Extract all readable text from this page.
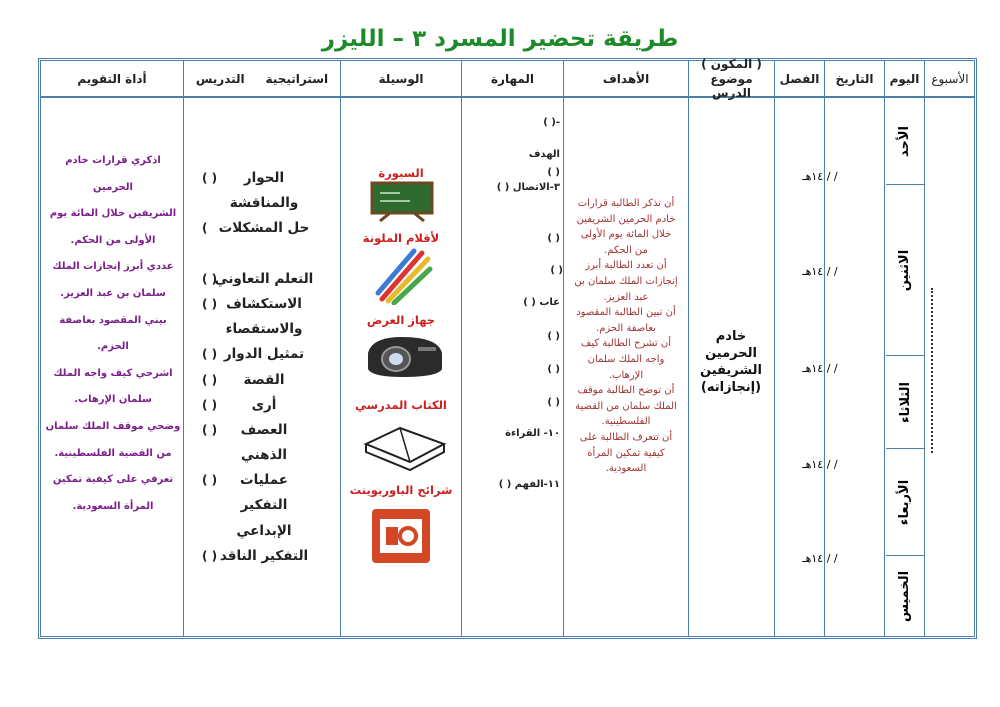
طريقة تحضير المسرد ٣ – الليزر
الأسبوع
اليوم
التاريخ
الفصل
( المكون )
موضوع الدرس
الأهداف
المهارة
الوسيلة
استراتيجية     التدريس
أداة التقويم
الأحد
الاثنين
الثلاثاء
الأربعاء
الخميس
/ / ١٤هـ
/ / ١٤هـ
/ / ١٤هـ
/ / ١٤هـ
/ / ١٤هـ
خادم
الحرمين
الشريفين
(إنجازاته)
أن تذكر الطالبة قرارات
خادم الحرمين الشريفين
خلال المائة يوم الأولى
من الحكم.
أن تعدد الطالبة أبرز
إنجازات الملك سلمان بن
عبد العزيز.
أن تبين الطالبة المقصود
بعاصفة الحزم.
أن تشرح الطالبة كيف
واجه الملك سلمان
الإرهاب.
أن توضح الطالبة موقف
الملك سلمان من القضية
الفلسطينية.
أن تتعرف الطالبة على
كيفية تمكين المرأة
السعودية.
-( )
الهدف
( )
٣-الاتصال ( )
( )
( )
عاب ( )
( )
( )
( )
١٠- القراءة
١١-الفهم ( )
السبورة
لأقلام الملونة
جهاز العرض
الكتاب المدرسي
شرائح الباوربوينت
الحوار
( )
والمناقشة
حل المشكلات
(
التعلم التعاوني
( )
الاستكشاف
( )
والاستقصاء
تمثيل الدوار
( )
القصة
( )
أرى
( )
العصف
( )
الذهني
عمليات
( )
التفكير
الإبداعي
التفكير الناقد
( )
اذكري قرارات خادم الحرمين
الشريفين خلال المائة يوم
الأولى من الحكم.
عددي أبرز إنجازات الملك
سلمان بن عبد العزيز.
بيني المقصود بعاصفة
الحزم.
اشرحي كيف واجه الملك
سلمان الإرهاب.
وضحي موقف الملك سلمان
من القضية الفلسطينية.
تعرفي على كيفية تمكين
المرأة السعودية.
